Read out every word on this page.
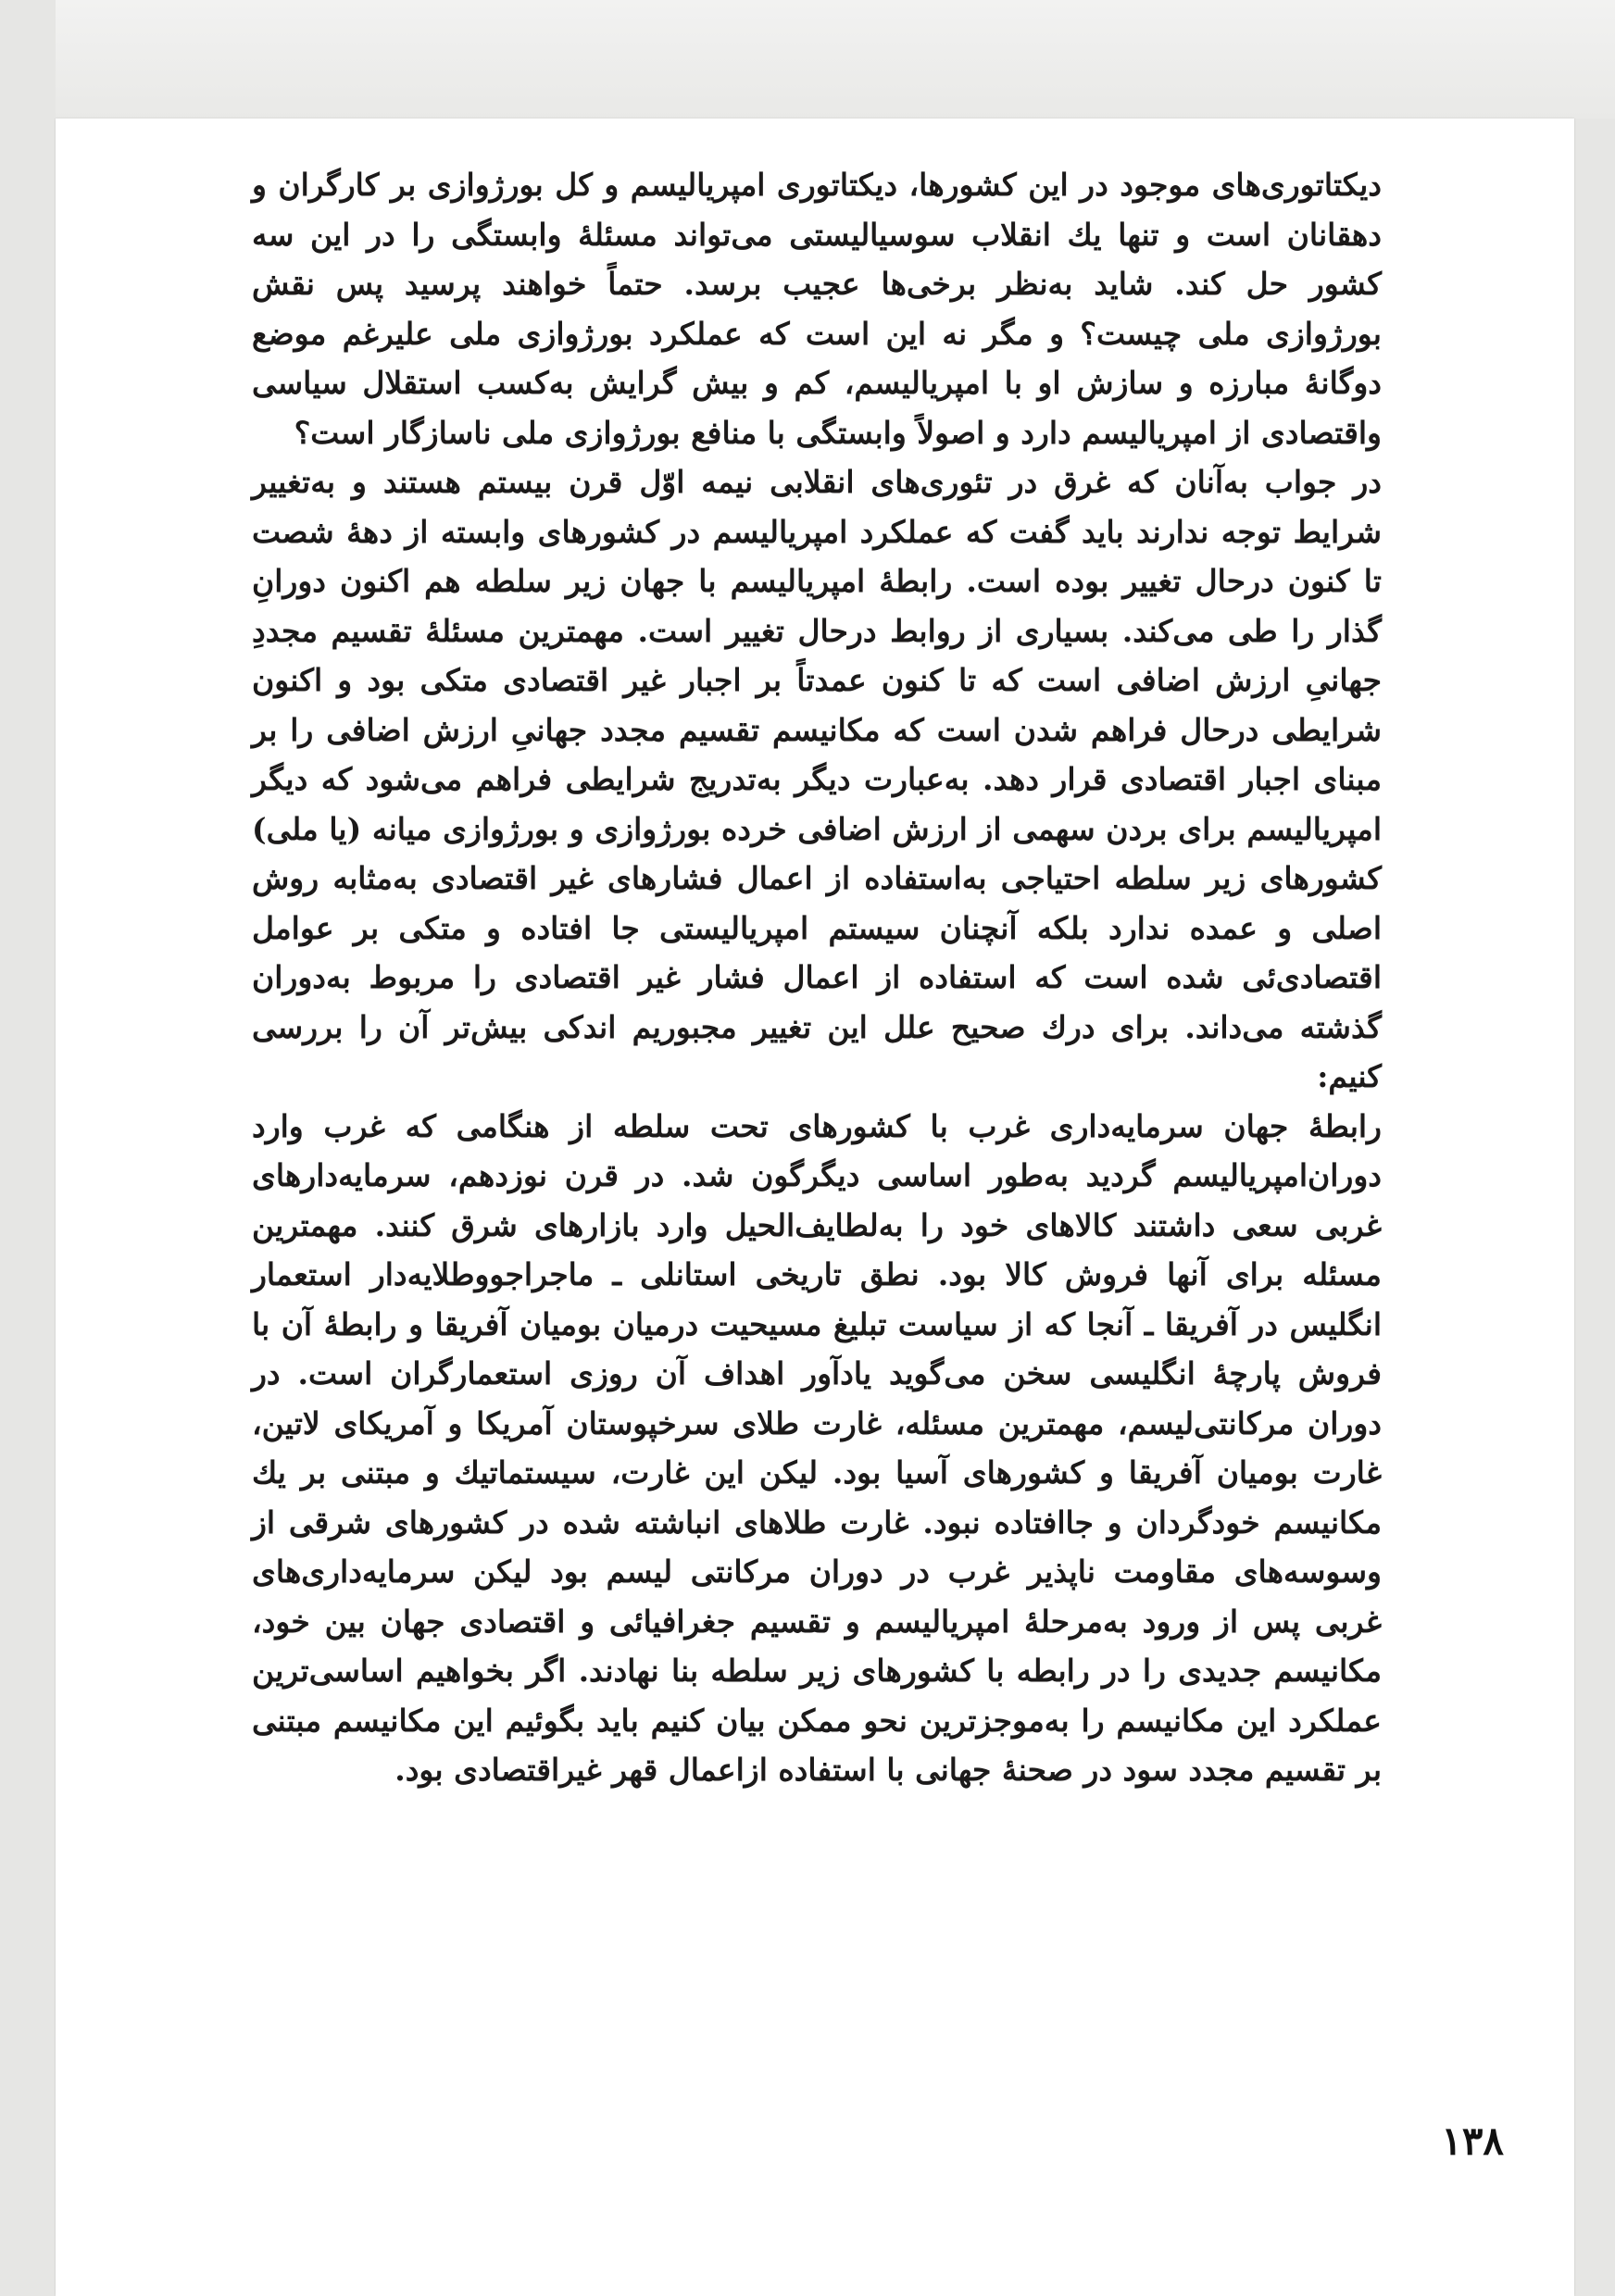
دیکتاتوری‌های موجود در این کشورها، دیکتاتوری امپریالیسم و کل بورژوازی بر کارگران و دهقانان است و تنها یك انقلاب سوسیالیستی می‌تواند مسئلهٔ وابستگی را در این سه کشور حل کند. شاید به‌نظر برخی‌ها عجیب برسد. حتماً خواهند پرسید پس نقش بورژوازی ملی چیست؟ و مگر نه این است که عملکرد بورژوازی ملی علیرغم موضع دوگانهٔ مبارزه و سازش او با امپریالیسم، کم و بیش گرایش به‌کسب استقلال سیاسی واقتصادی از امپریالیسم دارد و اصولاً وابستگی با منافع بورژوازی ملی ناسازگار است؟

در جواب به‌آنان که غرق در تئوری‌های انقلابی نیمه اوّل قرن بیستم هستند و به‌تغییر شرایط توجه ندارند باید گفت که عملکرد امپریالیسم در کشورهای وابسته از دههٔ شصت تا کنون درحال تغییر بوده است. رابطهٔ امپریالیسم با جهان زیر سلطه هم اکنون دورانِ گذار را طی می‌کند. بسیاری از روابط درحال تغییر است. مهمترین مسئلهٔ تقسیم مجددِ جهانیِ ارزش اضافی است که تا کنون عمدتاً بر اجبار غیر اقتصادی متکی بود و اکنون شرایطی درحال فراهم شدن است که مکانیسم تقسیم مجدد جهانیِ ارزش اضافی را بر مبنای اجبار اقتصادی قرار دهد. به‌عبارت دیگر به‌تدریج شرایطی فراهم می‌شود که دیگر امپریالیسم برای بردن سهمی از ارزش اضافی خرده بورژوازی و بورژوازی میانه (یا ملی) کشورهای زیر سلطه احتیاجی به‌استفاده از اعمال فشارهای غیر اقتصادی به‌مثابه روش اصلی و عمده ندارد بلکه آنچنان سیستم امپریالیستی جا افتاده و متکی بر عوامل اقتصادی‌ئی شده است که استفاده از اعمال فشار غیر اقتصادی را مربوط به‌دوران گذشته می‌داند. برای درك صحیح علل این تغییر مجبوریم اندکی بیش‌تر آن را بررسی کنیم:

رابطهٔ جهان سرمایه‌داری غرب با کشورهای تحت سلطه از هنگامی که غرب وارد دوران‌امپریالیسم گردید به‌طور اساسی دیگرگون شد. در قرن نوزدهم، سرمایه‌دارهای غربی سعی داشتند کالاهای خود را به‌لطایف‌الحیل وارد بازارهای شرق کنند. مهمترین مسئله برای آنها فروش کالا بود. نطق تاریخی استانلی ـ ماجراجووطلایه‌دار استعمار انگلیس در آفریقا ـ آنجا که از سیاست تبلیغ مسیحیت درمیان بومیان آفریقا و رابطهٔ آن با فروش پارچهٔ انگلیسی سخن می‌گوید یادآور اهداف آن روزی استعمارگران است. در دوران مرکانتی‌لیسم، مهمترین مسئله، غارت طلای سرخپوستان آمریکا و آمریکای لاتین، غارت بومیان آفریقا و کشورهای آسیا بود. لیکن این غارت، سیستماتیك و مبتنی بر یك مکانیسم خودگردان و جاافتاده نبود. غارت طلاهای انباشته شده در کشورهای شرقی از وسوسه‌های مقاومت ناپذیر غرب در دوران مرکانتی لیسم بود لیکن سرمایه‌داری‌های غربی پس از ورود به‌مرحلهٔ امپریالیسم و تقسیم جغرافیائی و اقتصادی جهان بین خود، مکانیسم جدیدی را در رابطه با کشورهای زیر سلطه بنا نهادند. اگر بخواهیم اساسی‌ترین عملکرد این مکانیسم را به‌موجزترین نحو ممکن بیان کنیم باید بگوئیم این مکانیسم مبتنی بر تقسیم مجدد سود در صحنهٔ جهانی با استفاده ازاعمال قهر غیراقتصادی بود.

۱۳۸
